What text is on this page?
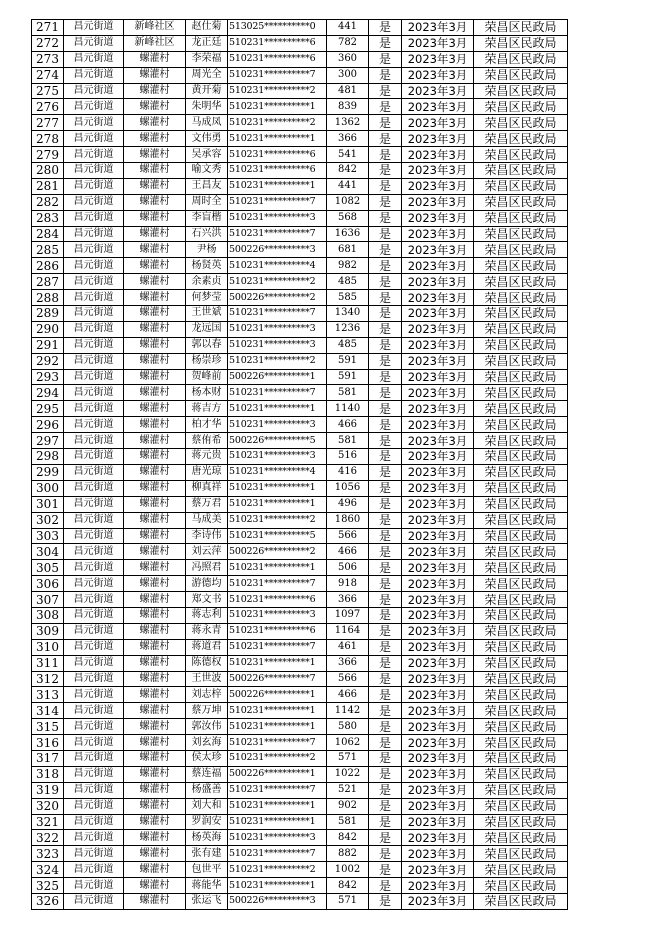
271	昌元街道	新峰社区	赵仕菊	513025**********0	441	是	2023年3月	荣昌区民政局
272	昌元街道	新峰社区	龙正廷	510231**********6	782	是	2023年3月	荣昌区民政局
273	昌元街道	螺灌村	李荣福	510231**********6	360	是	2023年3月	荣昌区民政局
274	昌元街道	螺灌村	周光全	510231**********7	300	是	2023年3月	荣昌区民政局
275	昌元街道	螺灌村	黄开菊	510231**********2	481	是	2023年3月	荣昌区民政局
276	昌元街道	螺灌村	朱明华	510231**********1	839	是	2023年3月	荣昌区民政局
277	昌元街道	螺灌村	马成凤	510231**********2	1362	是	2023年3月	荣昌区民政局
278	昌元街道	螺灌村	文伟勇	510231**********1	366	是	2023年3月	荣昌区民政局
279	昌元街道	螺灌村	吴承容	510231**********6	541	是	2023年3月	荣昌区民政局
280	昌元街道	螺灌村	喻文秀	510231**********6	842	是	2023年3月	荣昌区民政局
281	昌元街道	螺灌村	王昌友	510231**********1	441	是	2023年3月	荣昌区民政局
282	昌元街道	螺灌村	周时全	510231**********7	1082	是	2023年3月	荣昌区民政局
283	昌元街道	螺灌村	李盲楷	510231**********3	568	是	2023年3月	荣昌区民政局
284	昌元街道	螺灌村	石兴洪	510231**********7	1636	是	2023年3月	荣昌区民政局
285	昌元街道	螺灌村	尹杨	500226**********3	681	是	2023年3月	荣昌区民政局
286	昌元街道	螺灌村	杨贤英	510231**********4	982	是	2023年3月	荣昌区民政局
287	昌元街道	螺灌村	余素贞	510231**********2	485	是	2023年3月	荣昌区民政局
288	昌元街道	螺灌村	何梦莹	500226**********2	585	是	2023年3月	荣昌区民政局
289	昌元街道	螺灌村	王世斌	510231**********7	1340	是	2023年3月	荣昌区民政局
290	昌元街道	螺灌村	龙远国	510231**********3	1236	是	2023年3月	荣昌区民政局
291	昌元街道	螺灌村	郭以春	510231**********3	485	是	2023年3月	荣昌区民政局
292	昌元街道	螺灌村	杨崇珍	510231**********2	591	是	2023年3月	荣昌区民政局
293	昌元街道	螺灌村	贺峰前	500226**********1	591	是	2023年3月	荣昌区民政局
294	昌元街道	螺灌村	杨本财	510231**********7	581	是	2023年3月	荣昌区民政局
295	昌元街道	螺灌村	蒋吉方	510231**********1	1140	是	2023年3月	荣昌区民政局
296	昌元街道	螺灌村	柏才华	510231**********3	466	是	2023年3月	荣昌区民政局
297	昌元街道	螺灌村	蔡侑希	500226**********5	581	是	2023年3月	荣昌区民政局
298	昌元街道	螺灌村	蒋元贵	510231**********3	516	是	2023年3月	荣昌区民政局
299	昌元街道	螺灌村	唐光琼	510231**********4	416	是	2023年3月	荣昌区民政局
300	昌元街道	螺灌村	柳真祥	510231**********1	1056	是	2023年3月	荣昌区民政局
301	昌元街道	螺灌村	蔡万君	510231**********1	496	是	2023年3月	荣昌区民政局
302	昌元街道	螺灌村	马成美	510231**********2	1860	是	2023年3月	荣昌区民政局
303	昌元街道	螺灌村	李诗伟	510231**********5	566	是	2023年3月	荣昌区民政局
304	昌元街道	螺灌村	刘云萍	500226**********2	466	是	2023年3月	荣昌区民政局
305	昌元街道	螺灌村	冯照君	510231**********1	506	是	2023年3月	荣昌区民政局
306	昌元街道	螺灌村	游德均	510231**********7	918	是	2023年3月	荣昌区民政局
307	昌元街道	螺灌村	郑文书	510231**********6	366	是	2023年3月	荣昌区民政局
308	昌元街道	螺灌村	蒋志利	510231**********3	1097	是	2023年3月	荣昌区民政局
309	昌元街道	螺灌村	蒋永青	510231**********6	1164	是	2023年3月	荣昌区民政局
310	昌元街道	螺灌村	蒋道君	510231**********7	461	是	2023年3月	荣昌区民政局
311	昌元街道	螺灌村	陈德权	510231**********1	366	是	2023年3月	荣昌区民政局
312	昌元街道	螺灌村	王世波	500226**********7	566	是	2023年3月	荣昌区民政局
313	昌元街道	螺灌村	刘志梓	500226**********1	466	是	2023年3月	荣昌区民政局
314	昌元街道	螺灌村	蔡万坤	510231**********1	1142	是	2023年3月	荣昌区民政局
315	昌元街道	螺灌村	郭汝伟	510231**********1	580	是	2023年3月	荣昌区民政局
316	昌元街道	螺灌村	刘玄海	510231**********7	1062	是	2023年3月	荣昌区民政局
317	昌元街道	螺灌村	侯太珍	510231**********2	571	是	2023年3月	荣昌区民政局
318	昌元街道	螺灌村	蔡连福	500226**********1	1022	是	2023年3月	荣昌区民政局
319	昌元街道	螺灌村	杨盛善	510231**********7	521	是	2023年3月	荣昌区民政局
320	昌元街道	螺灌村	刘大和	510231**********1	902	是	2023年3月	荣昌区民政局
321	昌元街道	螺灌村	罗润安	510231**********1	581	是	2023年3月	荣昌区民政局
322	昌元街道	螺灌村	杨英海	510231**********3	842	是	2023年3月	荣昌区民政局
323	昌元街道	螺灌村	张有建	510231**********7	882	是	2023年3月	荣昌区民政局
324	昌元街道	螺灌村	包世平	510231**********2	1002	是	2023年3月	荣昌区民政局
325	昌元街道	螺灌村	蒋能华	510231**********1	842	是	2023年3月	荣昌区民政局
326	昌元街道	螺灌村	张运飞	500226**********3	571	是	2023年3月	荣昌区民政局
